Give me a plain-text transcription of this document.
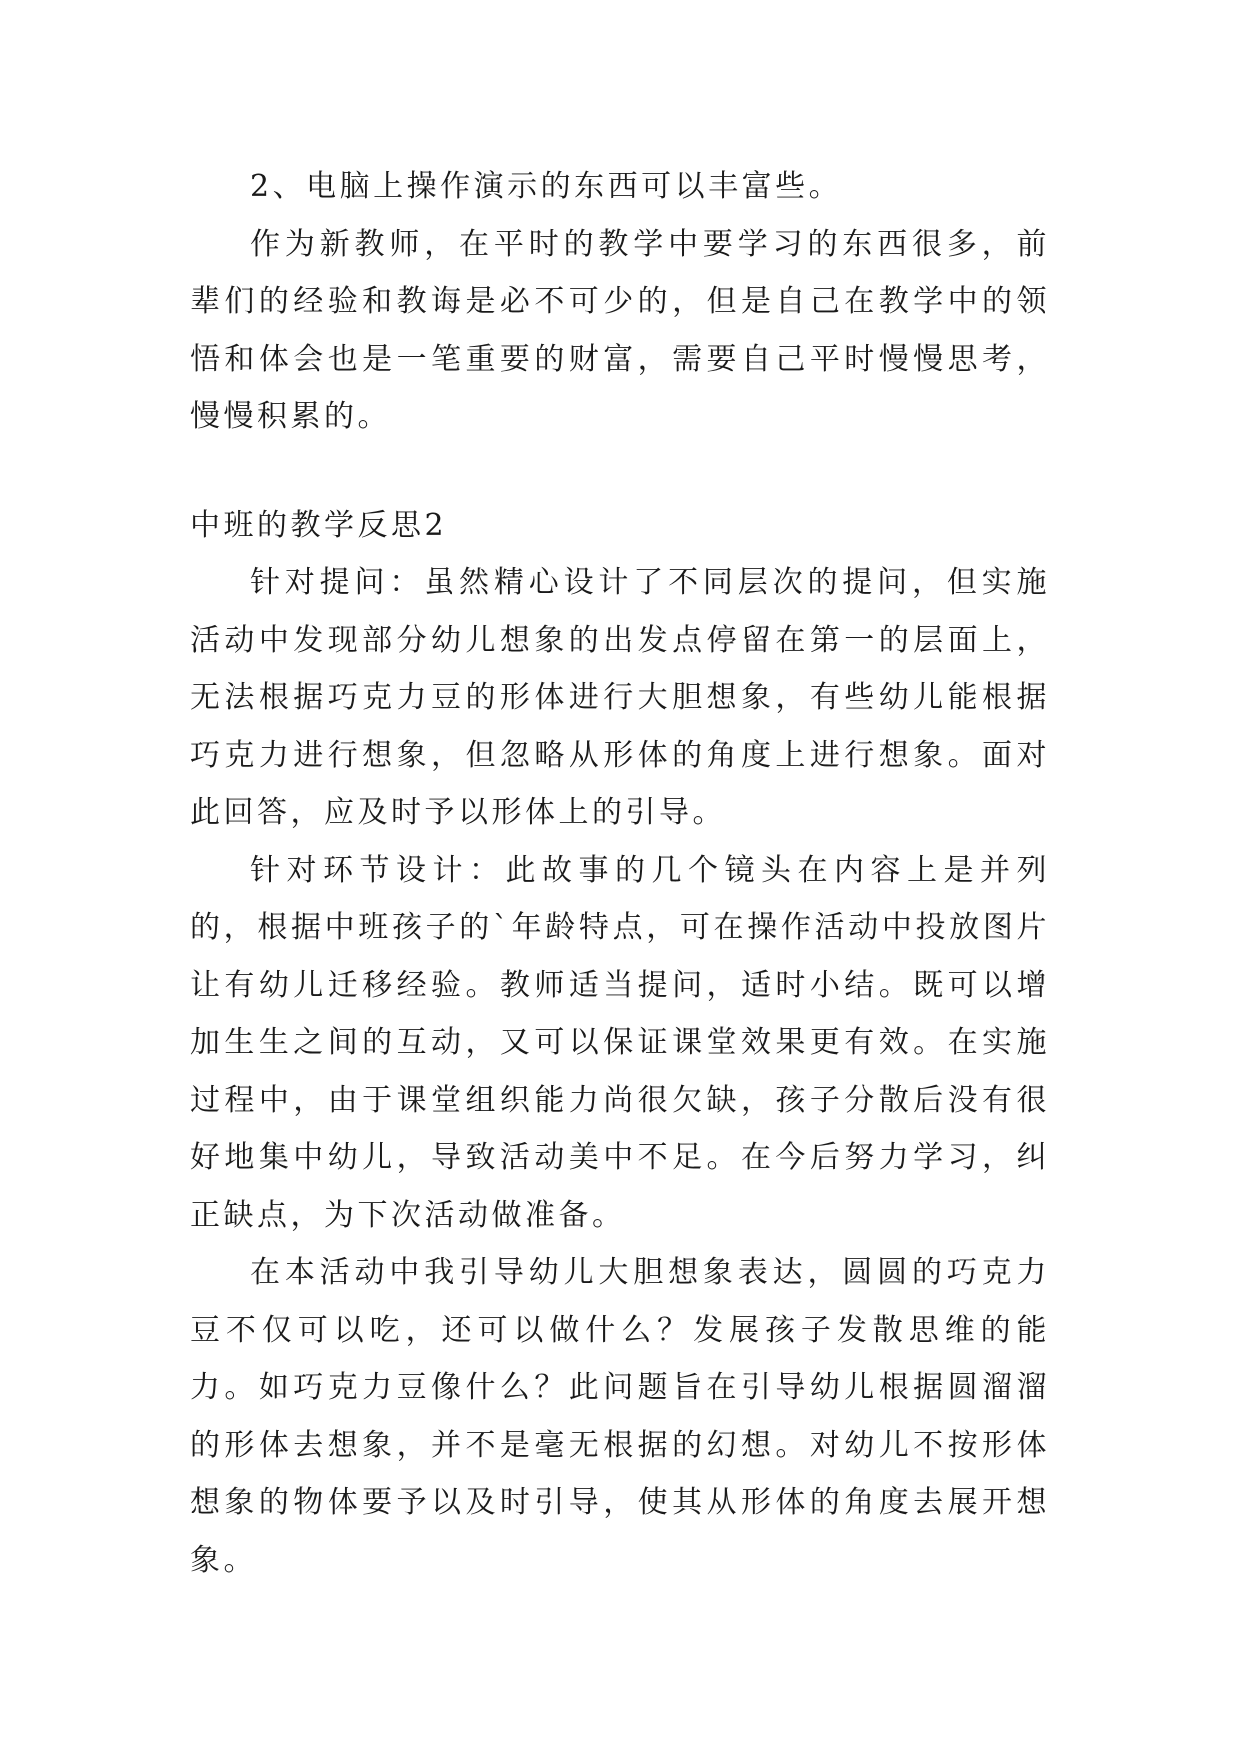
2、电脑上操作演示的东西可以丰富些。

作为新教师，在平时的教学中要学习的东西很多，前辈们的经验和教诲是必不可少的，但是自己在教学中的领悟和体会也是一笔重要的财富，需要自己平时慢慢思考，慢慢积累的。

中班的教学反思2

针对提问：虽然精心设计了不同层次的提问，但实施活动中发现部分幼儿想象的出发点停留在第一的层面上，无法根据巧克力豆的形体进行大胆想象，有些幼儿能根据巧克力进行想象，但忽略从形体的角度上进行想象。面对此回答，应及时予以形体上的引导。

针对环节设计：此故事的几个镜头在内容上是并列的，根据中班孩子的`年龄特点，可在操作活动中投放图片让有幼儿迁移经验。教师适当提问，适时小结。既可以增加生生之间的互动，又可以保证课堂效果更有效。在实施过程中，由于课堂组织能力尚很欠缺，孩子分散后没有很好地集中幼儿，导致活动美中不足。在今后努力学习，纠正缺点，为下次活动做准备。

在本活动中我引导幼儿大胆想象表达，圆圆的巧克力豆不仅可以吃，还可以做什么？发展孩子发散思维的能力。如巧克力豆像什么？此问题旨在引导幼儿根据圆溜溜的形体去想象，并不是毫无根据的幻想。对幼儿不按形体想象的物体要予以及时引导，使其从形体的角度去展开想象。
